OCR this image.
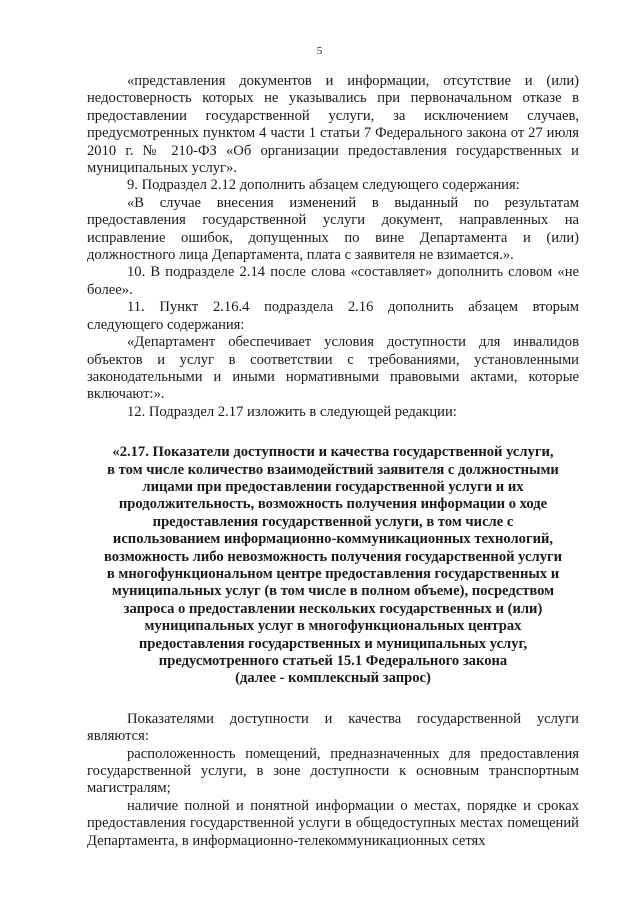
5

«представления документов и информации, отсутствие и (или) недостоверность которых не указывались при первоначальном отказе в предоставлении государственной услуги, за исключением случаев, предусмотренных пунктом 4 части 1 статьи 7 Федерального закона от 27 июля 2010 г. № 210-ФЗ «Об организации предоставления государственных и муниципальных услуг».

9. Подраздел 2.12 дополнить абзацем следующего содержания:

«В случае внесения изменений в выданный по результатам предоставления государственной услуги документ, направленных на исправление ошибок, допущенных по вине Департамента и (или) должностного лица Департамента, плата с заявителя не взимается.».

10. В подразделе 2.14 после слова «составляет» дополнить словом «не более».

11. Пункт 2.16.4 подраздела 2.16 дополнить абзацем вторым следующего содержания:

«Департамент обеспечивает условия доступности для инвалидов объектов и услуг в соответствии с требованиями, установленными законодательными и иными нормативными правовыми актами, которые включают:».

12. Подраздел 2.17 изложить в следующей редакции:

«2.17. Показатели доступности и качества государственной услуги,
в том числе количество взаимодействий заявителя с должностными
лицами при предоставлении государственной услуги и их
продолжительность, возможность получения информации о ходе
предоставления государственной услуги, в том числе с
использованием информационно-коммуникационных технологий,
возможность либо невозможность получения государственной услуги
в многофункциональном центре предоставления государственных и
муниципальных услуг (в том числе в полном объеме), посредством
запроса о предоставлении нескольких государственных и (или)
муниципальных услуг в многофункциональных центрах
предоставления государственных и муниципальных услуг,
предусмотренного статьей 15.1 Федерального закона
(далее - комплексный запрос)

Показателями доступности и качества государственной услуги являются:

расположенность помещений, предназначенных для предоставления государственной услуги, в зоне доступности к основным транспортным магистралям;

наличие полной и понятной информации о местах, порядке и сроках предоставления государственной услуги в общедоступных местах помещений Департамента, в информационно-телекоммуникационных сетях
